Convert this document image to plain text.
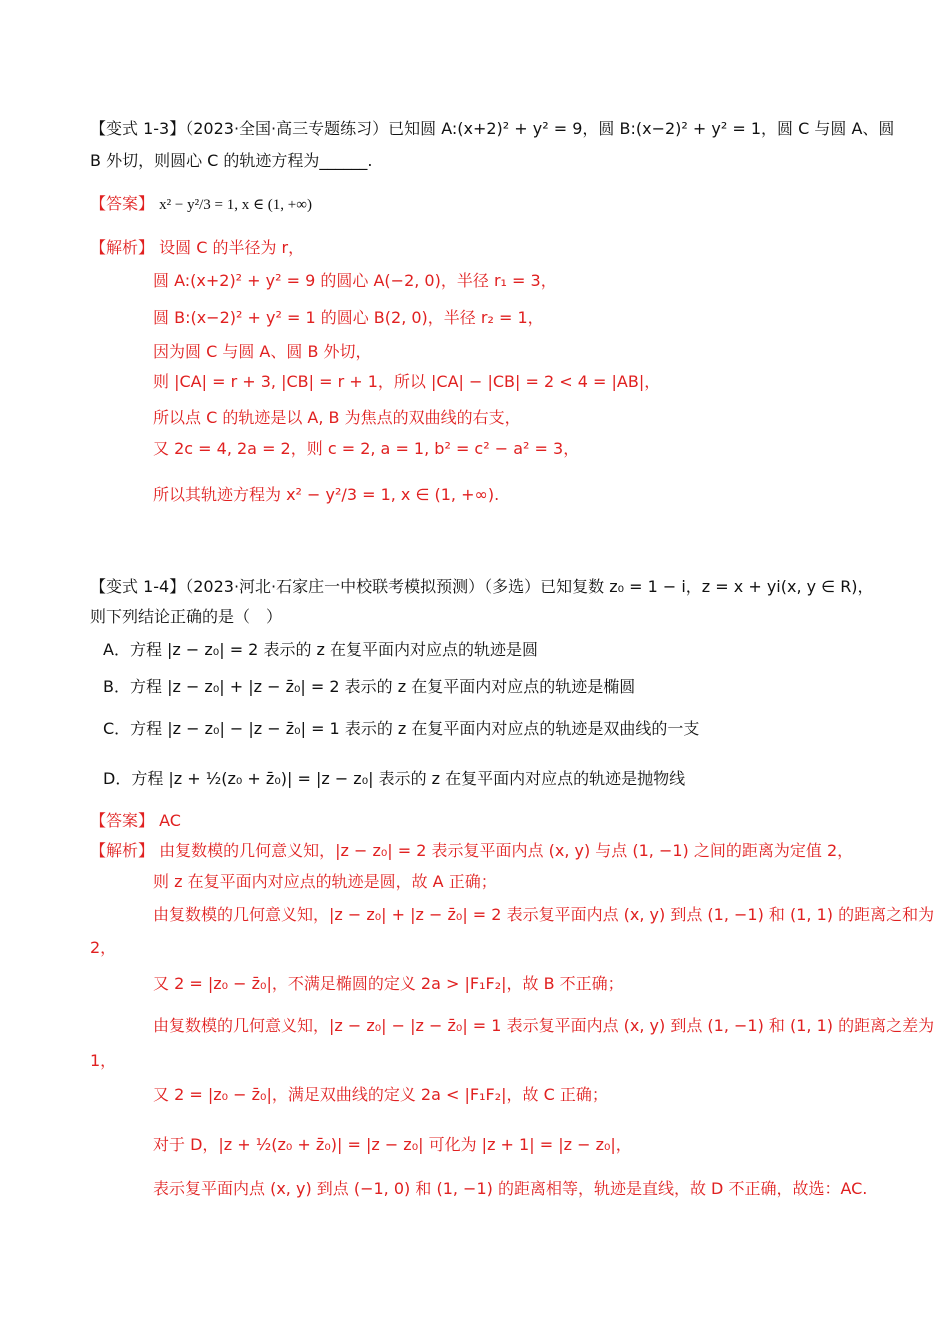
【变式 1-3】（2023·全国·高三专题练习）已知圆 A:(x+2)² + y² = 9，圆 B:(x−2)² + y² = 1，圆 C 与圆 A、圆
B 外切，则圆心 C 的轨迹方程为______.
【答案】 x² − y²/3 = 1, x ∈ (1, +∞)
【解析】 设圆 C 的半径为 r，
圆 A:(x+2)² + y² = 9 的圆心 A(−2, 0)，半径 r₁ = 3，
圆 B:(x−2)² + y² = 1 的圆心 B(2, 0)，半径 r₂ = 1，
因为圆 C 与圆 A、圆 B 外切，
则 |CA| = r + 3, |CB| = r + 1，所以 |CA| − |CB| = 2 < 4 = |AB|，
所以点 C 的轨迹是以 A, B 为焦点的双曲线的右支，
又 2c = 4, 2a = 2，则 c = 2, a = 1, b² = c² − a² = 3，
所以其轨迹方程为 x² − y²/3 = 1, x ∈ (1, +∞).
【变式 1-4】（2023·河北·石家庄一中校联考模拟预测）（多选）已知复数 z₀ = 1 − i，z = x + yi(x, y ∈ R)，
则下列结论正确的是（　）
A．方程 |z − z₀| = 2 表示的 z 在复平面内对应点的轨迹是圆
B．方程 |z − z₀| + |z − z̄₀| = 2 表示的 z 在复平面内对应点的轨迹是椭圆
C．方程 |z − z₀| − |z − z̄₀| = 1 表示的 z 在复平面内对应点的轨迹是双曲线的一支
D．方程 |z + ½(z₀ + z̄₀)| = |z − z₀| 表示的 z 在复平面内对应点的轨迹是抛物线
【答案】 AC
【解析】 由复数模的几何意义知，|z − z₀| = 2 表示复平面内点 (x, y) 与点 (1, −1) 之间的距离为定值 2，
则 z 在复平面内对应点的轨迹是圆，故 A 正确；
由复数模的几何意义知，|z − z₀| + |z − z̄₀| = 2 表示复平面内点 (x, y) 到点 (1, −1) 和 (1, 1) 的距离之和为
2，
又 2 = |z₀ − z̄₀|，不满足椭圆的定义 2a > |F₁F₂|，故 B 不正确；
由复数模的几何意义知，|z − z₀| − |z − z̄₀| = 1 表示复平面内点 (x, y) 到点 (1, −1) 和 (1, 1) 的距离之差为
1，
又 2 = |z₀ − z̄₀|，满足双曲线的定义 2a < |F₁F₂|，故 C 正确；
对于 D，|z + ½(z₀ + z̄₀)| = |z − z₀| 可化为 |z + 1| = |z − z₀|，
表示复平面内点 (x, y) 到点 (−1, 0) 和 (1, −1) 的距离相等，轨迹是直线，故 D 不正确，故选：AC.
